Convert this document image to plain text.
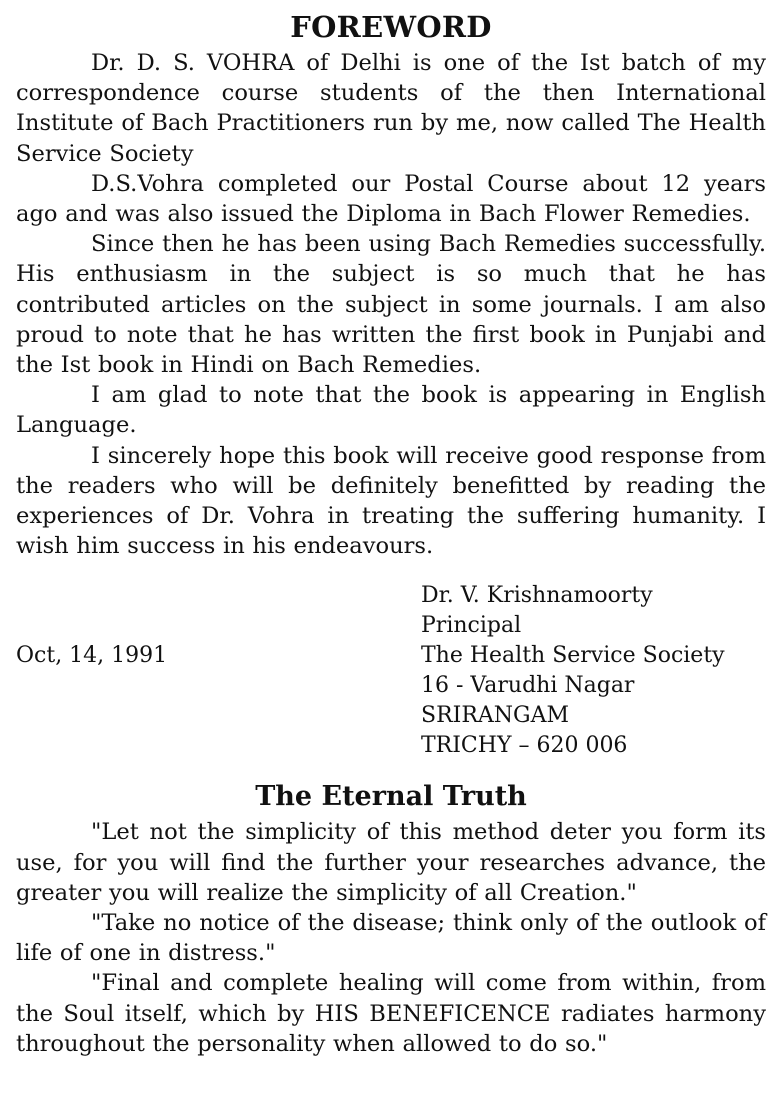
FOREWORD

Dr. D. S. VOHRA of Delhi is one of the Ist batch of my correspondence course students of the then International Institute of Bach Practitioners run by me, now called The Health Service Society

D.S.Vohra completed our Postal Course about 12 years ago and was also issued the Diploma in Bach Flower Remedies.

Since then he has been using Bach Remedies successfully. His enthusiasm in the subject is so much that he has contributed articles on the subject in some journals. I am also proud to note that he has written the first book in Punjabi and the Ist book in Hindi on Bach Remedies.

I am glad to note that the book is appearing in English Language.

I sincerely hope this book will receive good response from the readers who will be definitely benefitted by reading the experiences of Dr. Vohra in treating the suffering humanity. I wish him success in his endeavours.

Oct, 14, 1991
Dr. V. Krishnamoorty
Principal
The Health Service Society
16 - Varudhi Nagar
SRIRANGAM
TRICHY – 620 006
The Eternal Truth

"Let not the simplicity of this method deter you form its use, for you will find the further your researches advance, the greater you will realize the simplicity of all Creation."

"Take no notice of the disease; think only of the outlook of life of one in distress."

"Final and complete healing will come from within, from the Soul itself, which by HIS BENEFICENCE radiates harmony throughout the personality when allowed to do so."
